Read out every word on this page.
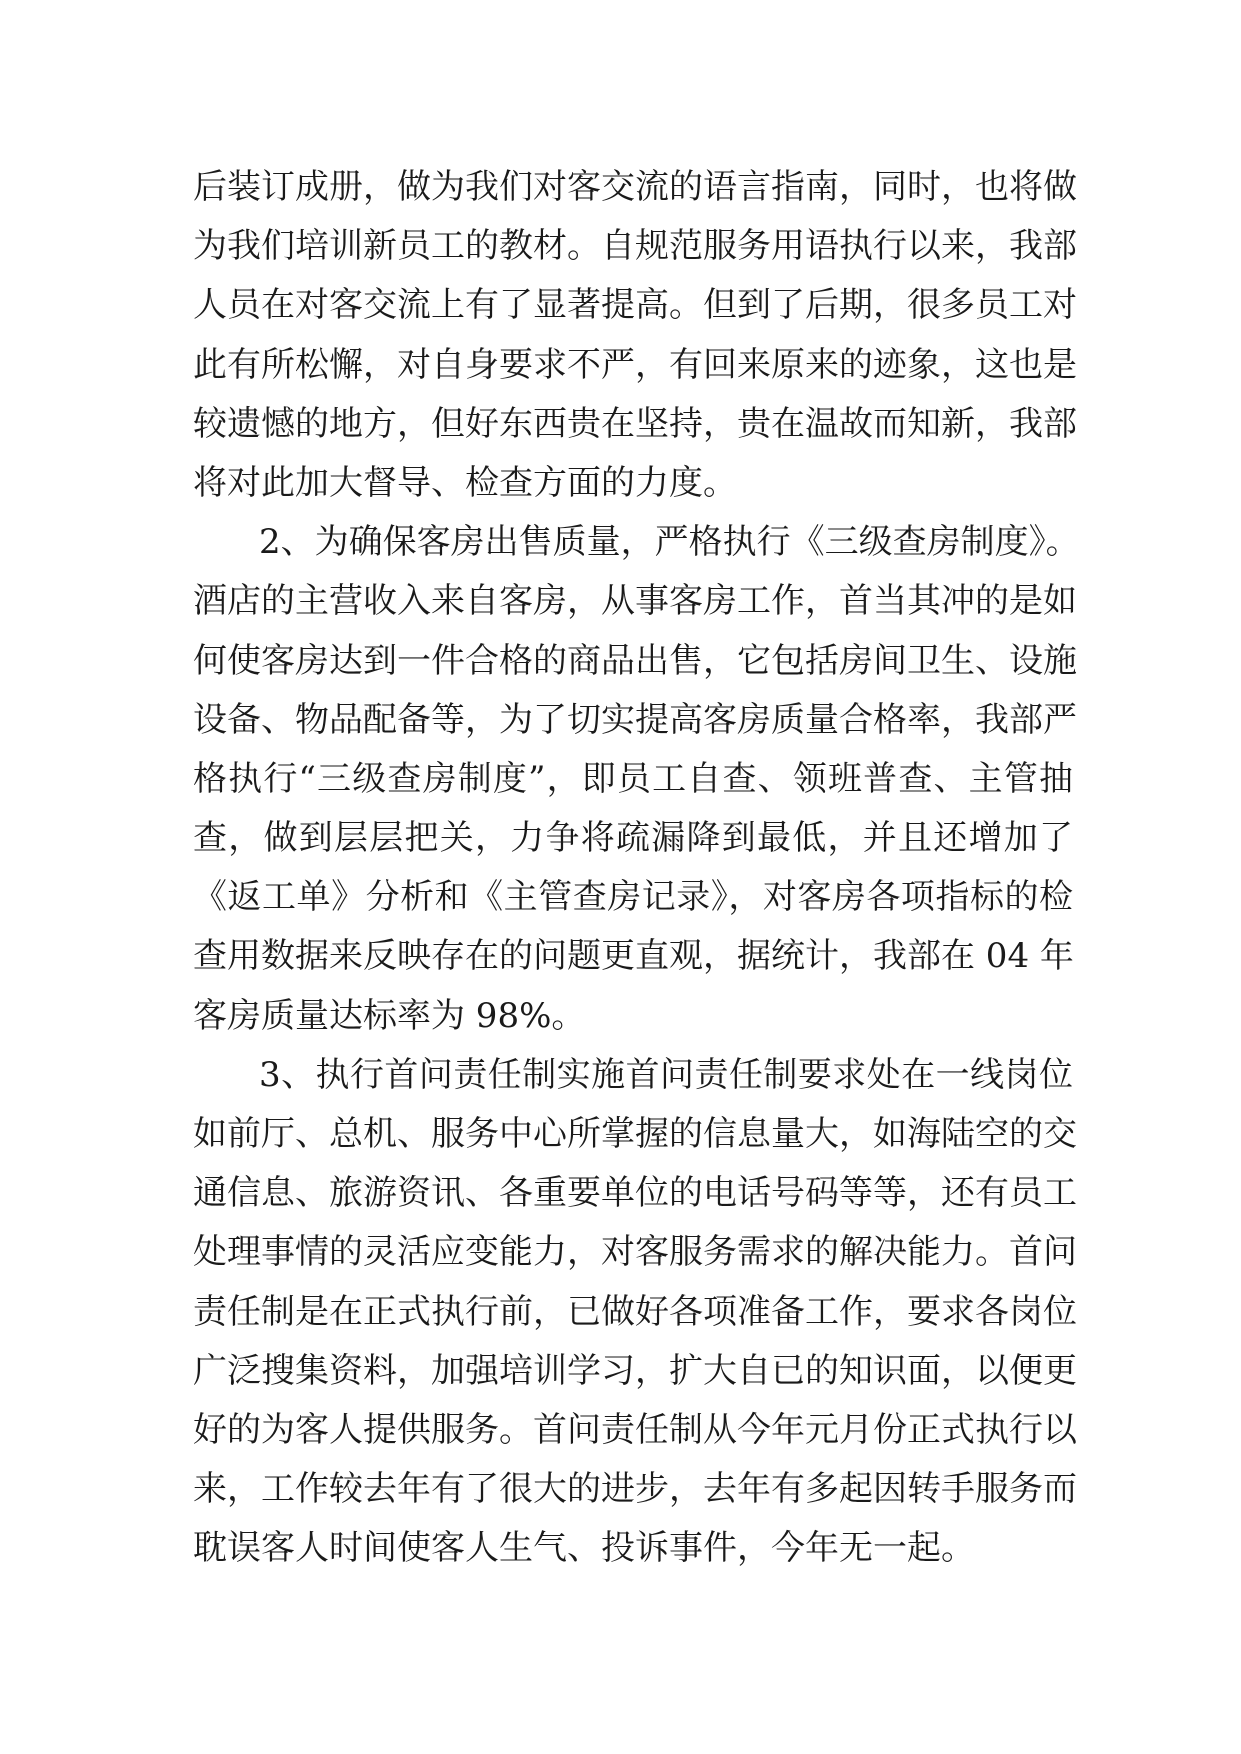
后装订成册，做为我们对客交流的语言指南，同时，也将做
为我们培训新员工的教材。自规范服务用语执行以来，我部
人员在对客交流上有了显著提高。但到了后期，很多员工对
此有所松懈，对自身要求不严，有回来原来的迹象，这也是
较遗憾的地方，但好东西贵在坚持，贵在温故而知新，我部
将对此加大督导、检查方面的力度。
2、为确保客房出售质量，严格执行《三级查房制度》。
酒店的主营收入来自客房，从事客房工作，首当其冲的是如
何使客房达到一件合格的商品出售，它包括房间卫生、设施
设备、物品配备等，为了切实提高客房质量合格率，我部严
格执行“三级查房制度”，即员工自查、领班普查、主管抽
查，做到层层把关，力争将疏漏降到最低，并且还增加了
《返工单》分析和《主管查房记录》，对客房各项指标的检
查用数据来反映存在的问题更直观，据统计，我部在 04 年
客房质量达标率为 98%。
3、执行首问责任制实施首问责任制要求处在一线岗位
如前厅、总机、服务中心所掌握的信息量大，如海陆空的交
通信息、旅游资讯、各重要单位的电话号码等等，还有员工
处理事情的灵活应变能力，对客服务需求的解决能力。首问
责任制是在正式执行前，已做好各项准备工作，要求各岗位
广泛搜集资料，加强培训学习，扩大自已的知识面，以便更
好的为客人提供服务。首问责任制从今年元月份正式执行以
来，工作较去年有了很大的进步，去年有多起因转手服务而
耽误客人时间使客人生气、投诉事件，今年无一起。
